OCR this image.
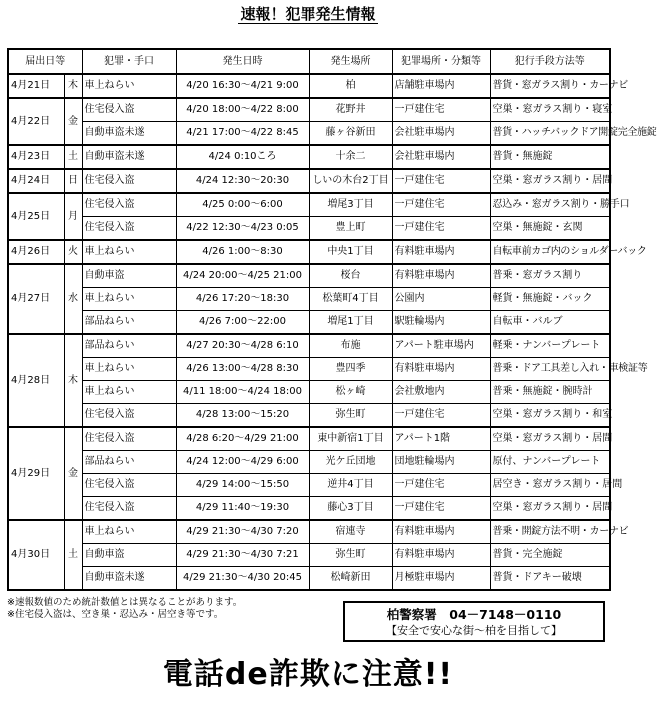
速報！犯罪発生情報
届出日等		犯罪・手口	発生日時	発生場所	犯罪場所・分類等	犯行手段方法等
4月21日	木	車上ねらい	4/20 16:30～4/21 9:00	柏	店舗駐車場内	普貨・窓ガラス割り・カーナビ
4月22日	金	住宅侵入盗	4/20 18:00～4/22 8:00	花野井	一戸建住宅	空巣・窓ガラス割り・寝室
		自動車盗未遂	4/21 17:00～4/22 8:45	藤ヶ谷新田	会社駐車場内	普貨・ハッチバックドア開錠完全施錠
4月23日	土	自動車盗未遂	4/24 0:10ころ	十余二	会社駐車場内	普貨・無施錠
4月24日	日	住宅侵入盗	4/24 12:30～20:30	しいの木台2丁目	一戸建住宅	空巣・窓ガラス割り・居間
4月25日	月	住宅侵入盗	4/25 0:00～6:00	増尾3丁目	一戸建住宅	忍込み・窓ガラス割り・勝手口
		住宅侵入盗	4/22 12:30～4/23 0:05	豊上町	一戸建住宅	空巣・無施錠・玄関
4月26日	火	車上ねらい	4/26 1:00～8:30	中央1丁目	有料駐車場内	自転車前カゴ内のショルダーバック
4月27日	水	自動車盗	4/24 20:00～4/25 21:00	桜台	有料駐車場内	普乗・窓ガラス割り
		車上ねらい	4/26 17:20～18:30	松葉町4丁目	公園内	軽貨・無施錠・バック
		部品ねらい	4/26 7:00～22:00	増尾1丁目	駅駐輪場内	自転車・バルブ
4月28日	木	部品ねらい	4/27 20:30～4/28 6:10	布施	アパート駐車場内	軽乗・ナンバープレート
		車上ねらい	4/26 13:00～4/28 8:30	豊四季	有料駐車場内	普乗・ドア工具差し入れ・車検証等
		車上ねらい	4/11 18:00～4/24 18:00	松ヶ崎	会社敷地内	普乗・無施錠・腕時計
		住宅侵入盗	4/28 13:00～15:20	弥生町	一戸建住宅	空巣・窓ガラス割り・和室
4月29日	金	住宅侵入盗	4/28 6:20～4/29 21:00	東中新宿1丁目	アパート1階	空巣・窓ガラス割り・居間
		部品ねらい	4/24 12:00～4/29 6:00	光ケ丘団地	団地駐輪場内	原付、ナンバープレート
		住宅侵入盗	4/29 14:00～15:50	逆井4丁目	一戸建住宅	居空き・窓ガラス割り・居間
		住宅侵入盗	4/29 11:40～19:30	藤心3丁目	一戸建住宅	空巣・窓ガラス割り・居間
4月30日	土	車上ねらい	4/29 21:30～4/30 7:20	宿連寺	有料駐車場内	普乗・開錠方法不明・カーナビ
		自動車盗	4/29 21:30～4/30 7:21	弥生町	有料駐車場内	普貨・完全施錠
		自動車盗未遂	4/29 21:30～4/30 20:45	松崎新田	月極駐車場内	普貨・ドアキー破壊
※速報数値のため統計数値とは異なることがあります。
※住宅侵入盗は、空き巣・忍込み・居空き等です。	柏警察署　04－7148－0110
【安全で安心な街～柏を目指して】
電話de詐欺に注意!!
